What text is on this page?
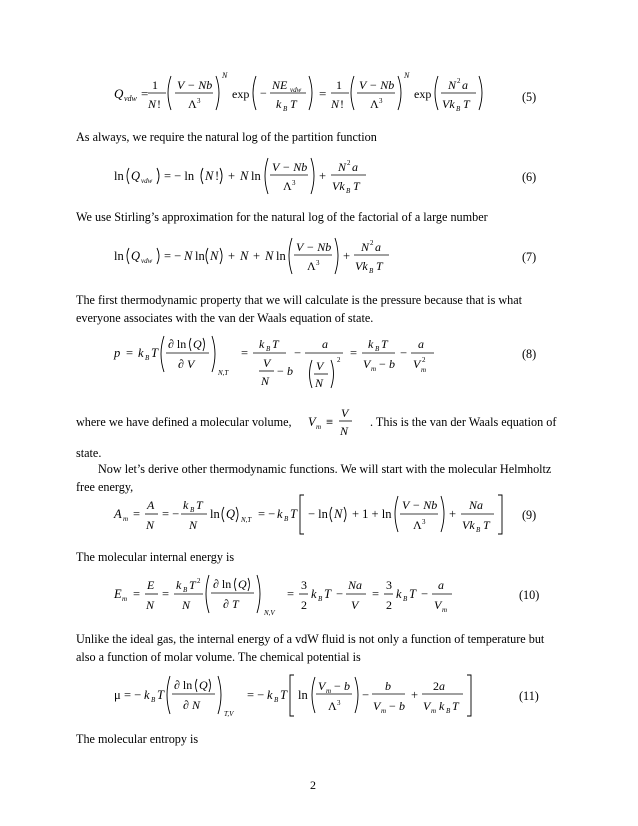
Q vdw =
1
N !
V − Nb
Λ 3
N
exp −
NE vdw
k B T
=
1
N !
V − Nb
Λ 3
N
exp
N 2 a
Vk B T	(5)

As always, we require the natural log of the partition function

ln Q vdw = − ln N ! + N ln
V − Nb
Λ 3 +
N 2 a
Vk B T
(6)

We use Stirling’s approximation for the natural log of the factorial of a large number

ln Q vdw = − N ln N + N + N ln
V − Nb
Λ 3 +
N 2 a
Vk B T
(7)

The first thermodynamic property that we will calculate is the pressure because that is what everyone associates with the van der Waals equation of state.

p = k B T
∂ ln Q
∂ V
N,T
=
k B T
V
N
− b
−
a
V
N
2 =
k B T
V m − b
−
a
V 2
m
(8)
where we have defined a molecular volume, V m ≡
V
N
. This is the van der Waals equation of

state.

Now let’s derive other thermodynamic functions. We will start with the molecular Helmholtz free energy,

A m =
A
N
= −
k B T
N
ln Q N,T = − k B T − ln N + 1 + ln
V − Nb
Λ 3
+
Na
Vk B T
(9)

The molecular internal energy is

E m =
E
N
=
k B T 2
N
∂ ln Q
∂ T
N,V
=
3
2
k B T −
Na
V
=
3
2
k B T −
a
V m
(10)

Unlike the ideal gas, the internal energy of a vdW fluid is not only a function of temperature but also a function of molar volume. The chemical potential is

μ = − k B T
∂ ln Q
∂ N
T,V
= − k B T ln
V m − b
Λ 3
−
b
V m − b
+
2 a
V m k B T
(11)

The molecular entropy is

2
